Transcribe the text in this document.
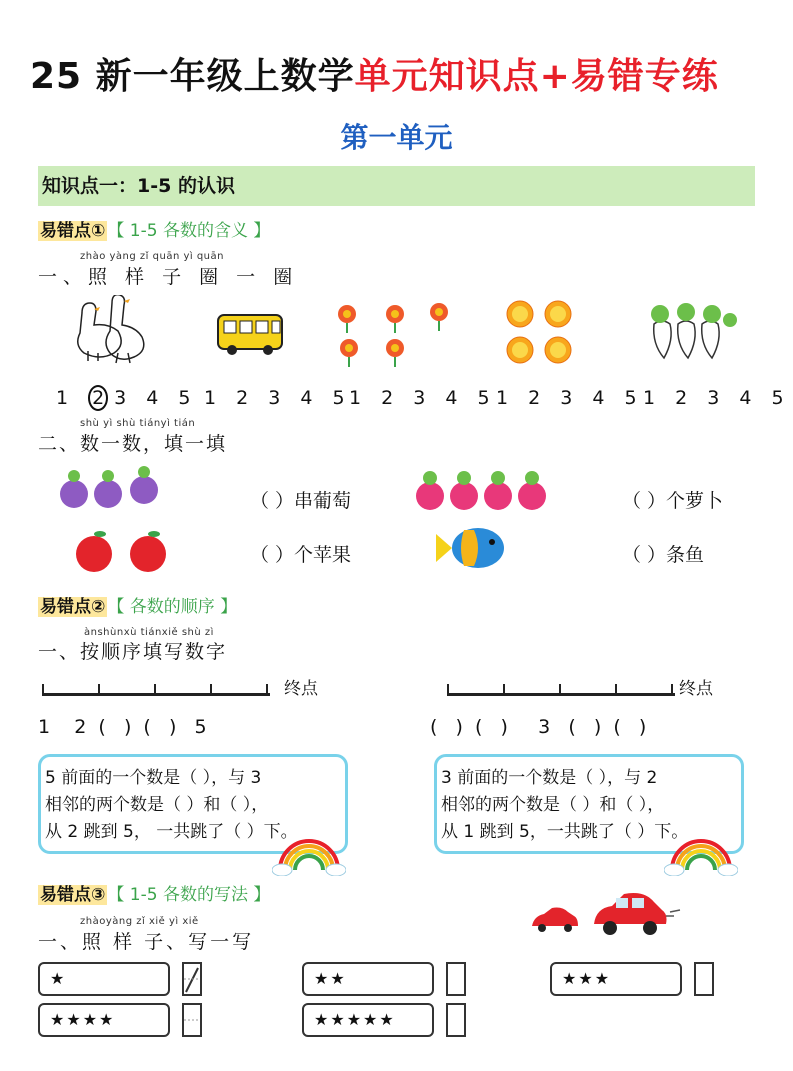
25 新一年级上数学单元知识点+易错专练
第一单元
知识点一：1-5 的认识
易错点① 【 1-5 各数的含义 】
zhào yàng zǐ quān yì quān
一、照 样 子 圈 一 圈
1 2 3 4 5 1 2 3 4 5
1 2 3 4 5 1 2 3 4 5 1 2 3 4 5
shù yì shù tiányì tián
二、数一数，填一填
（ ）串葡萄	（ ）个萝卜
（ ）个苹果	（ ）条鱼
易错点② 【 各数的顺序 】
ànshùnxù tiánxiě shù zì
一、按顺序填写数字
终点
1    2  (   )  (   )   5
终点
(   )  (   )     3   (   )  (   )
5 前面的一个数是（ ），与 3
相邻的两个数是（ ）和（ ），
从 2 跳到 5， 一共跳了（ ）下。
3 前面的一个数是（ ），与 2
相邻的两个数是（ ）和（ ），
从 1 跳到 5，一共跳了（ ）下。
易错点③ 【 1-5 各数的写法 】
zhàoyàng zǐ xiě yì xiě
一、照 样 子、写一写
★	★★	★★★
★★★★	★★★★★
